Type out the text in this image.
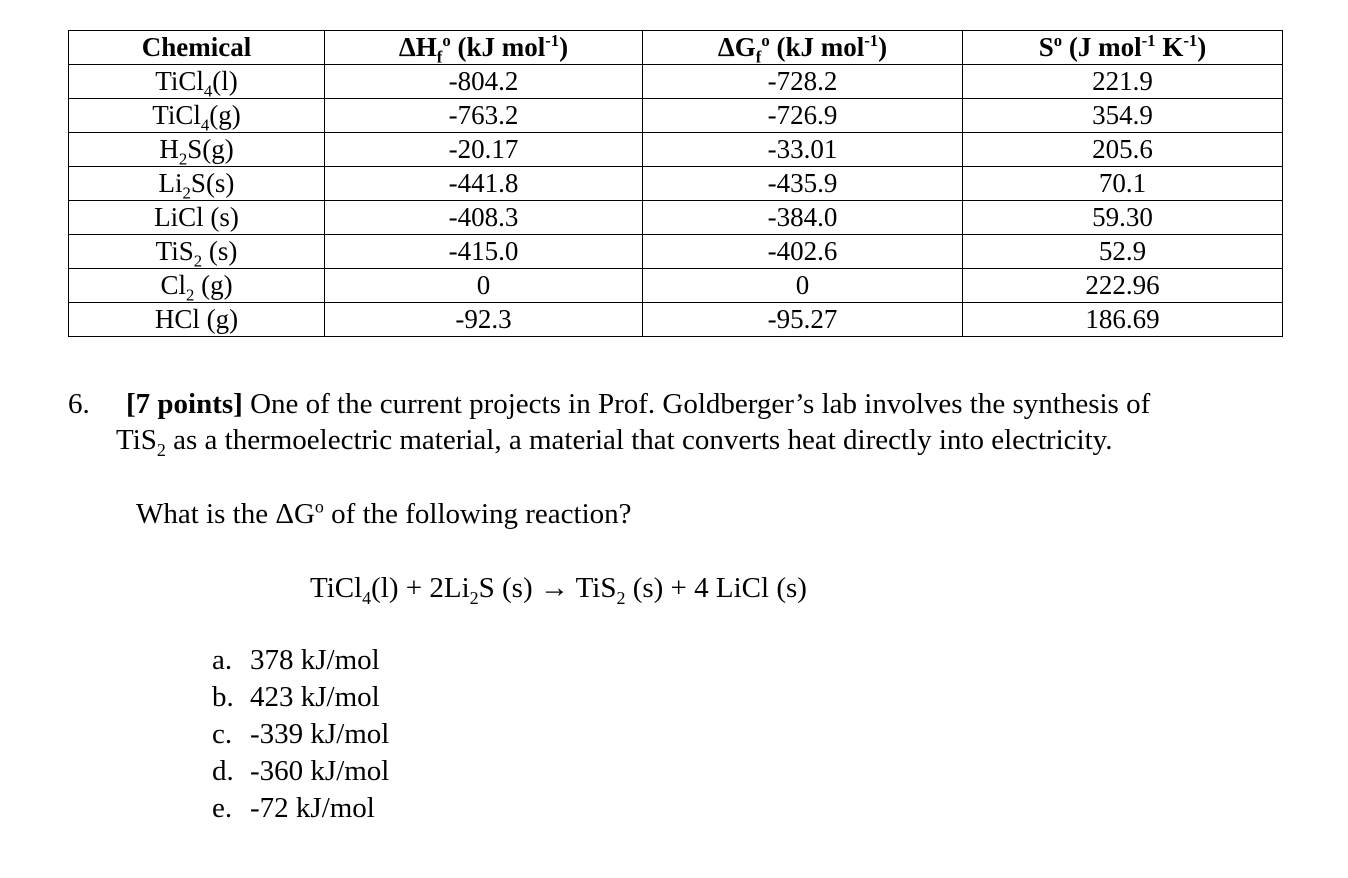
Chemical	$\Delta H_f^o$ (kJ mol$^{-1}$)	$\Delta G_f^o$ (kJ mol$^{-1}$)	$S^o$ (J mol$^{-1}$ $K^{-1}$)
TiCl$_4$(l)	-804.2	-728.2	221.9
TiCl$_4$(g)	-763.2	-726.9	354.9
$H_2S(g)$	-20.17	-33.01	205.6
$Li_2S(s)$	-441.8	-435.9	70.1
LiCl (s)	-408.3	-384.0	59.30
TiS$_2$ (s)	-415.0	-402.6	52.9
$Cl_2$ (g)	0	0	222.96
HCl (g)	-92.3	-95.27	186.69
6. [7 points] One of the current projects in Prof. Goldberger’s lab involves the synthesis of
TiS$_2$ as a thermoelectric material, a material that converts heat directly into electricity.
What is the $\Delta G^o$ of the following reaction?
TiCl$_4$(l) + $2Li_2S$ (s) → TiS$_2$ (s) + 4 LiCl (s)
a. 378 kJ/mol
b. 423 kJ/mol
c. -339 kJ/mol
d. -360 kJ/mol
e. -72 kJ/mol
